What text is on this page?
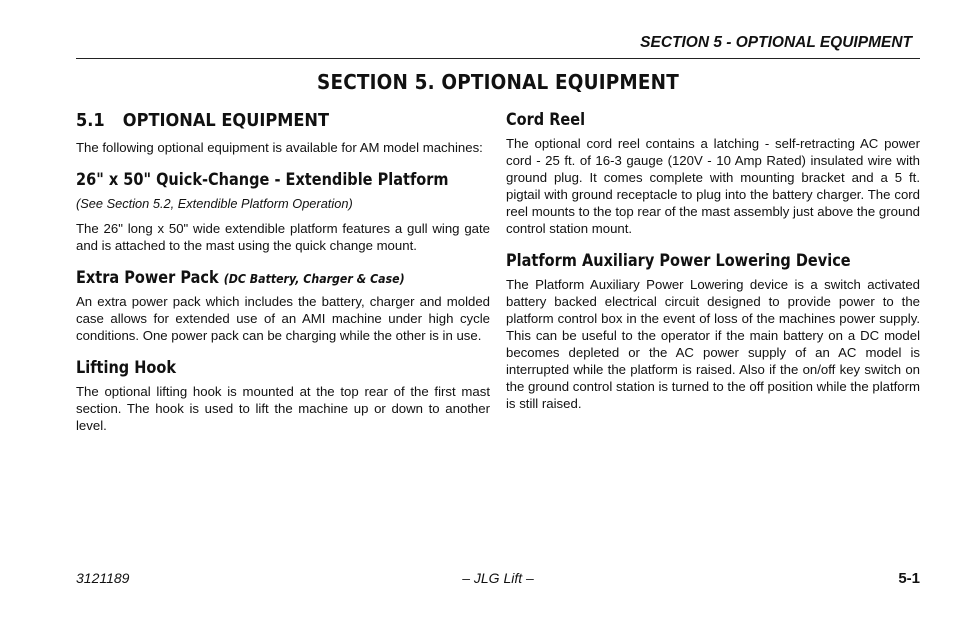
SECTION 5 - OPTIONAL EQUIPMENT
SECTION 5. OPTIONAL EQUIPMENT
5.1 OPTIONAL EQUIPMENT

The following optional equipment is available for AM model machines:

26" x 50" Quick-Change - Extendible Platform

(See Section 5.2, Extendible Platform Operation)

The 26" long x 50" wide extendible platform features a gull wing gate and is attached to the mast using the quick change mount.

Extra Power Pack (DC Battery, Charger & Case)

An extra power pack which includes the battery, charger and molded case allows for extended use of an AMI machine under high cycle conditions. One power pack can be charging while the other is in use.

Lifting Hook

The optional lifting hook is mounted at the top rear of the first mast section. The hook is used to lift the machine up or down to another level.

Cord Reel

The optional cord reel contains a latching - self-retracting AC power cord - 25 ft. of 16-3 gauge (120V - 10 Amp Rated) insulated wire with ground plug. It comes complete with mounting bracket and a 5 ft. pigtail with ground receptacle to plug into the battery charger. The cord reel mounts to the top rear of the mast assembly just above the ground control station mount.

Platform Auxiliary Power Lowering Device

The Platform Auxiliary Power Lowering device is a switch activated battery backed electrical circuit designed to provide power to the platform control box in the event of loss of the machines power supply. This can be useful to the operator if the main battery on a DC model becomes depleted or the AC power supply of an AC model is interrupted while the platform is raised. Also if the on/off key switch on the ground control station is turned to the off position while the platform is still raised.

3121189	– JLG Lift –	5-1
